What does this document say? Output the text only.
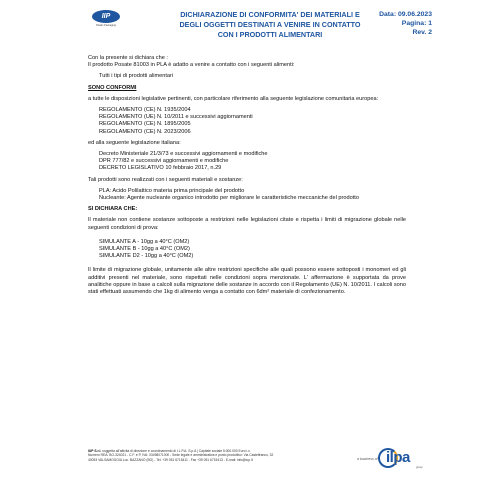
IIP
Plastic Packaging
DICHIARAZIONE DI CONFORMITA' DEI MATERIALI E
DEGLI OGGETTI DESTINATI A VENIRE IN CONTATTO
CON I PRODOTTI ALIMENTARI
Data: 09.06.2023
Pagina: 1
Rev. 2

Con la presente si dichiara che :

Il prodotto Posate 81003 in PLA è adatto a venire a contatto con i seguenti alimenti:

Tutti i tipi di prodotti alimentari

SONO CONFORMI

a tutte le disposizioni legislative pertinenti, con particolare riferimento alla seguente legislazione comunitaria europea:

REGOLAMENTO (CE) N. 1935/2004

REGOLAMENTO (UE) N. 10/2011 e successivi aggiornamenti

REGOLAMENTO (CE) N. 1895/2005

REGOLAMENTO (CE) N. 2023/2006

ed alla seguente legislazione italiana:

Decreto Ministeriale 21/3/73 e successivi aggiornamenti e modifiche

DPR 777/82 e successivi aggiornamenti e modifiche

DECRETO LEGISLATIVO 10 febbraio 2017, n.29

Tali prodotti sono realizzati con i seguenti materiali e sostanze:

PLA: Acido Polilattico materia prima principale del prodotto

Nucleante: Agente nucleante organico introdotto per migliorare le caratteristiche meccaniche del prodotto

SI DICHIARA CHE:

Il materiale non contiene sostanze sottoposte a restrizioni nelle legislazioni citate e rispetta i limiti di migrazione globale nelle seguenti condizioni di prova:

SIMULANTE A - 10gg a 40°C (OM2)

SIMULANTE B - 10gg a 40°C (OM2)

SIMULANTE D2 - 10gg a 40°C (OM2)

Il limite di migrazione globale, unitamente alle altre restrizioni specifiche alle quali possono essere sottoposti i monomeri ed gli additivi presenti nel materiale, sono rispettati nelle condizioni sopra menzionate. L' affermazione è supportata da prove analitiche oppure in base a calcoli sulla migrazione delle sostanze in accordo con il Regolamento (UE) N. 10/2011. I calcoli sono stati effettuati assumendo che 1kg di alimento venga a contatto con 6dm² materiale di confezionamento.

IUP S.r.l. soggetta all'attività di direzione e coordinamento di I.L.P.A. S.p.A | Capitale sociale 5.000.000 Euro i.v.
Numero REA: BO-324021 - C.F. e P. IVA: 03498071000 - Sede legale e amministrativa e punto produttivo: Via Castelfranco, 32
40053 VALSAMOGGIA Loc. BAZZANO (BO) - Tel. +39 051 6715411 - Fax +39 051 6715413 - E-mail: info@iup.it	a business of ilpa
group
